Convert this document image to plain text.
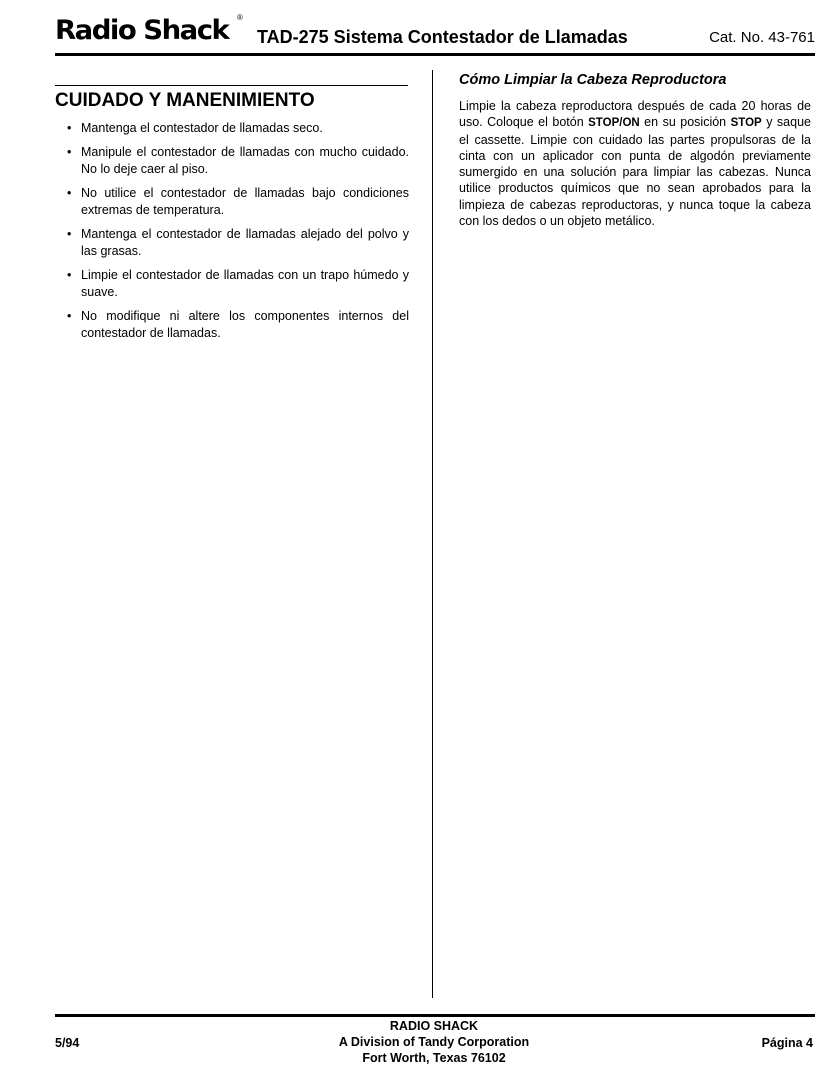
Radio Shack ®
TAD-275 Sistema Contestador de Llamadas	Cat. No. 43-761
CUIDADO Y MANENIMIENTO
• Mantenga el contestador de llamadas seco.
• Manipule el contestador de llamadas con mucho cuidado. No lo deje caer al piso.
• No utilice el contestador de llamadas bajo condiciones extremas de temperatura.
• Mantenga el contestador de llamadas alejado del polvo y las grasas.
• Limpie el contestador de llamadas con un trapo húmedo y suave.
• No modifique ni altere los componentes internos del contestador de llamadas.
Cómo Limpiar la Cabeza Reproductora

Limpie la cabeza reproductora después de cada 20 horas de uso. Coloque el botón STOP/ON en su posición STOP y saque el cassette. Limpie con cuidado las partes propulsoras de la cinta con un aplicador con punta de algodón previamente sumergido en una solución para limpiar las cabezas. Nunca utilice productos químicos que no sean aprobados para la limpieza de cabezas reproductoras, y nunca toque la cabeza con los dedos o un objeto metálico.

5/94
RADIO SHACK
A Division of Tandy Corporation
Fort Worth, Texas 76102
Página 4
